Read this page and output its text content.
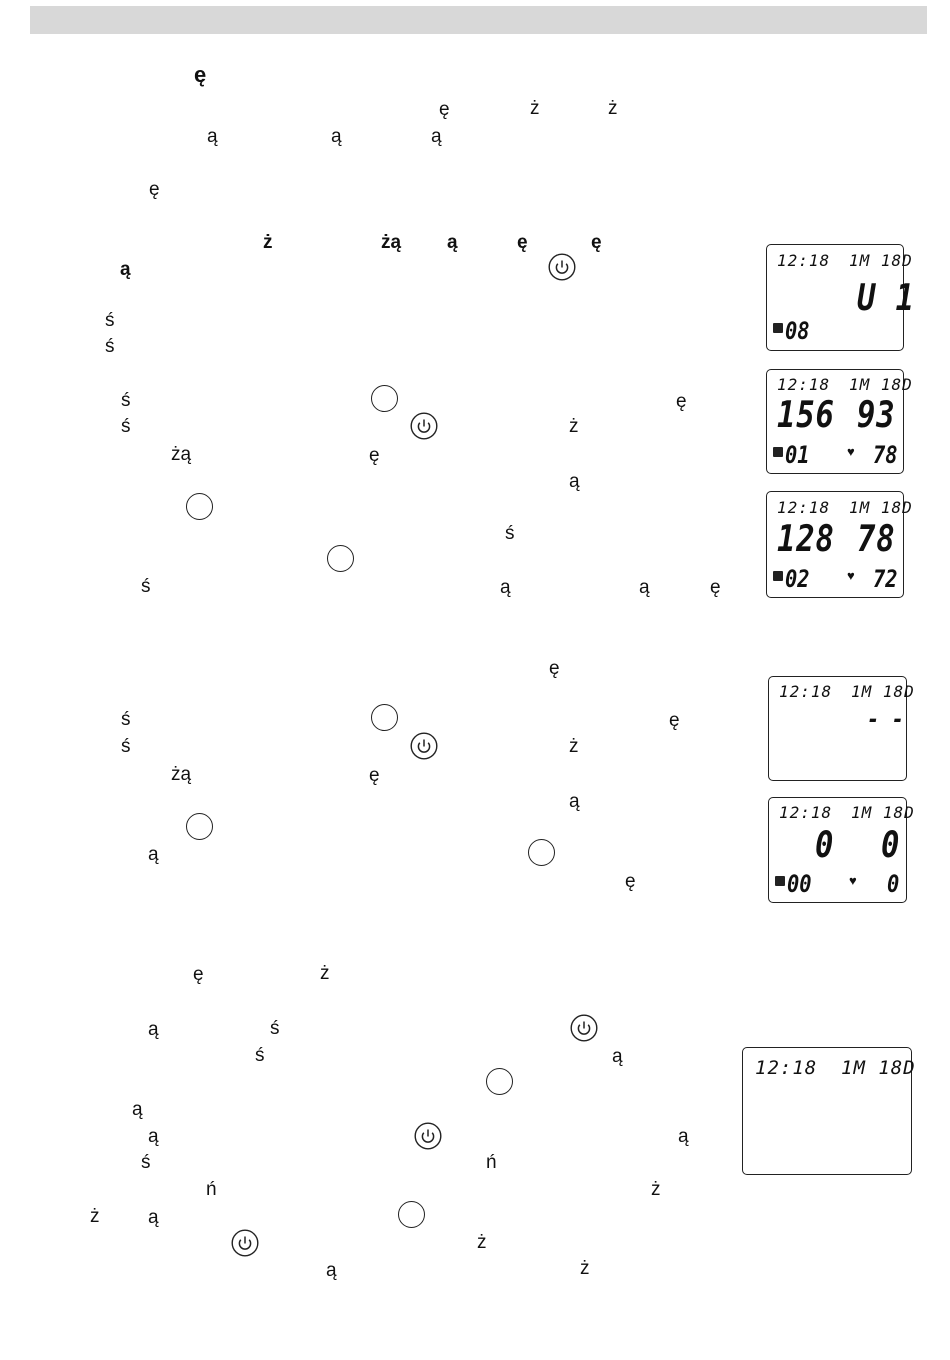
ę
ę	ż	ż
ą	ą	ą
ę
ż	żą ą	ę	ę
ą
ś
ś
ś	ę
ś	ż
żą	ę
ą
ś
ś	ą	ą	ę
ę
ś	ę
ś	ż
żą	ę
ą
ą
ę
ę	ż
ą	ś
ś	ą
ą
ą	ą
ś	ń
ń	ż
ż	ą
ż
ą	ż
12:18 1M 18D
U 1
08
12:18 1M 18D
156 93
01	♥ 78
12:18 1M 18D
128 78
02	♥ 72
12:18 1M 18D
- -
12:18 1M 18D
0 0
00	♥ 0
12:18 1M 18D
